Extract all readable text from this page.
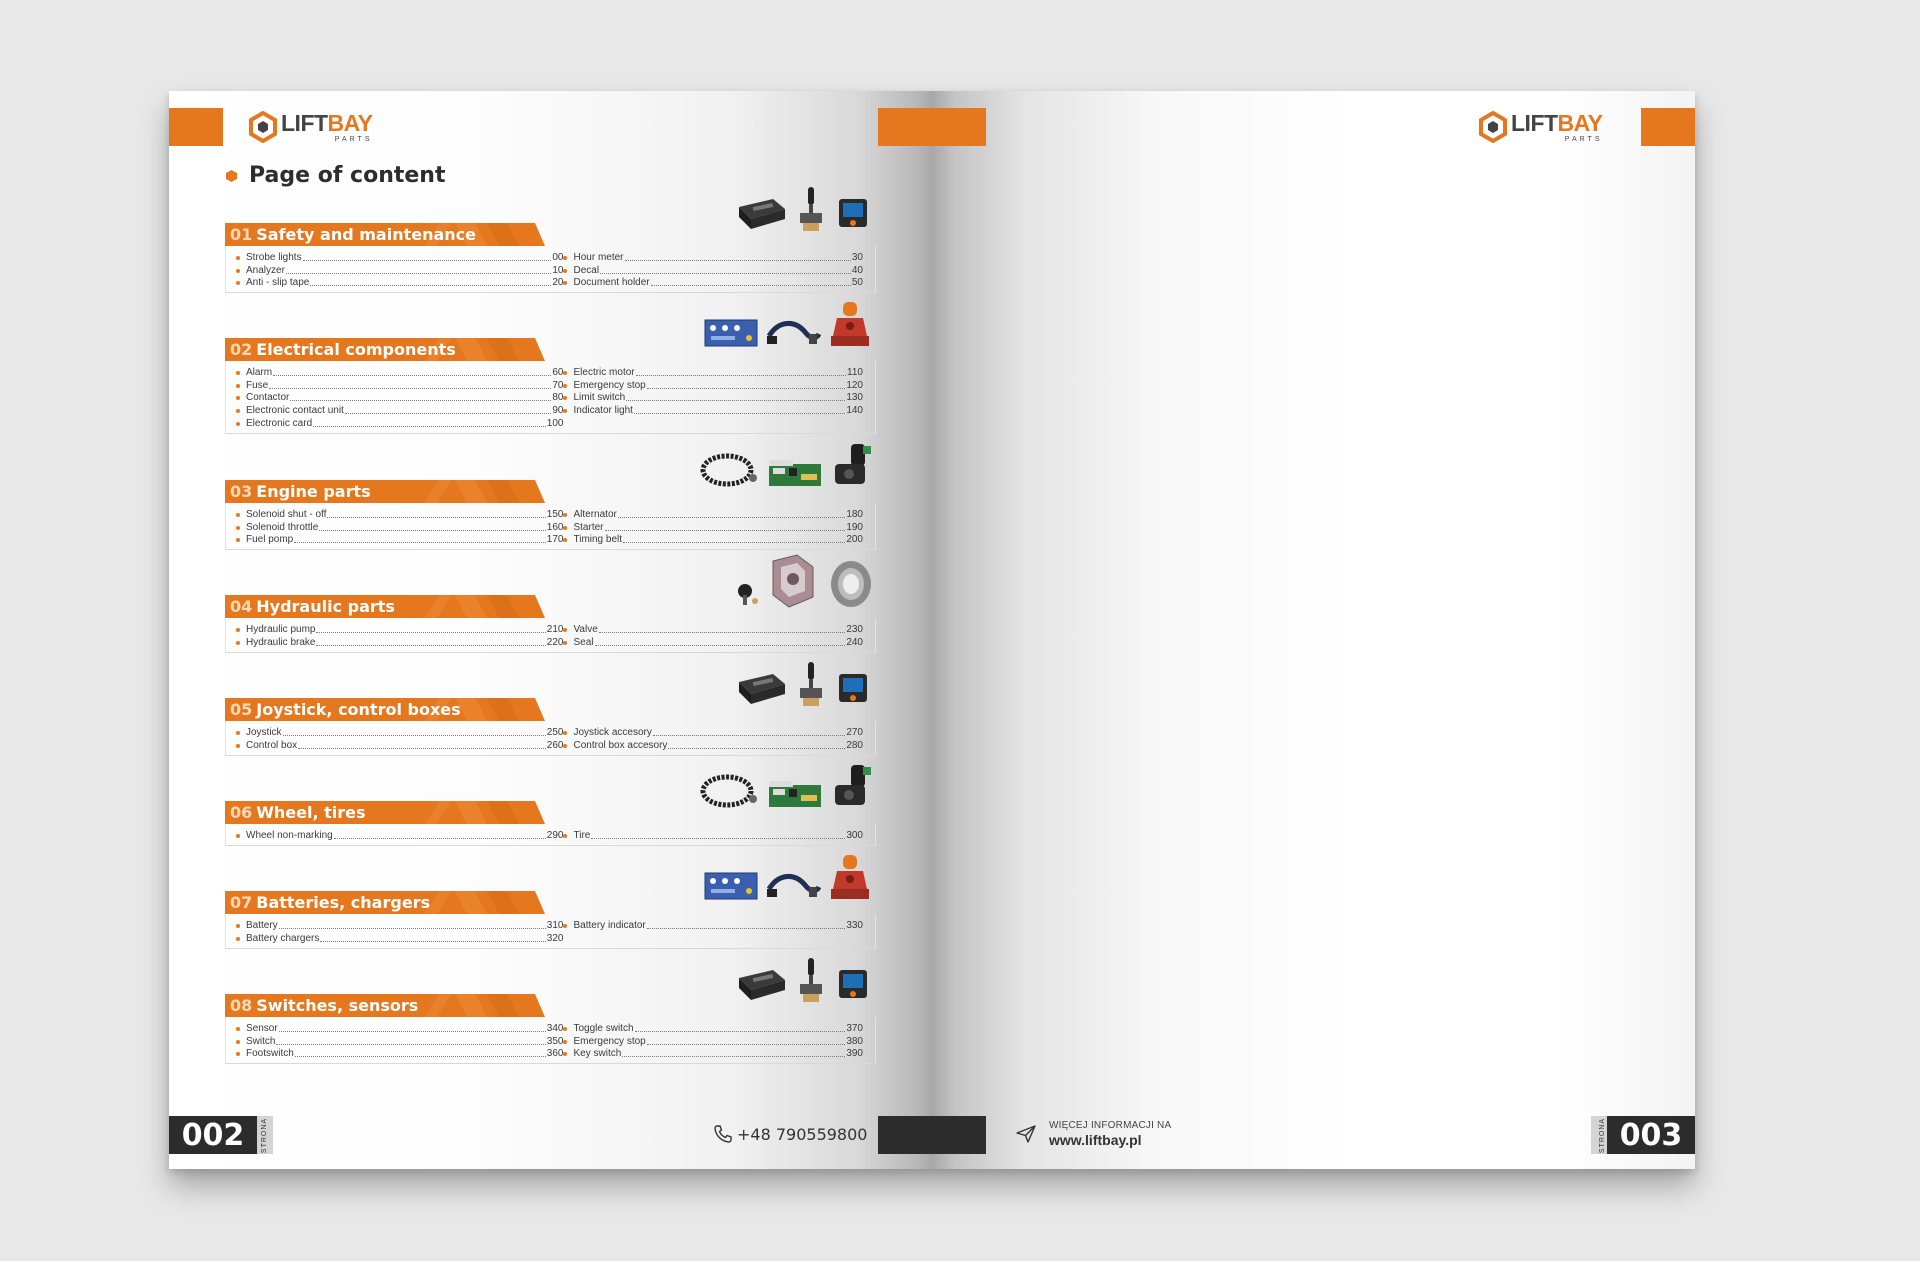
LIFTBAY
PARTS
Page of content
01 Safety and maintenance
Strobe lights	00
Analyzer	10
Anti - slip tape	20
Hour meter	30
Decal	40
Document holder	50
02 Electrical components
Alarm	60
Fuse	70
Contactor	80
Electronic contact unit	90
Electronic card	100
Electric motor	110
Emergency stop	120
Limit switch	130
Indicator light	140
03 Engine parts
Solenoid shut - off	150
Solenoid throttle	160
Fuel pomp	170
Alternator	180
Starter	190
Timing belt	200
04 Hydraulic parts
Hydraulic pump	210
Hydraulic brake	220
Valve	230
Seal	240
05 Joystick, control boxes
Joystick	250
Control box	260
Joystick accesory	270
Control box accesory	280
06 Wheel, tires
Wheel non-marking	290 Tire	300
07 Batteries, chargers
Battery	310
Battery chargers	320
Battery indicator	330
08 Switches, sensors
Sensor	340
Switch	350
Footswitch	360
Toggle switch	370
Emergency stop	380
Key switch	390
002	STRONA	+48 790559800
LIFTBAY
PARTS
WIĘCEJ INFORMACJI NA
www.liftbay.pl	STRONA 003
